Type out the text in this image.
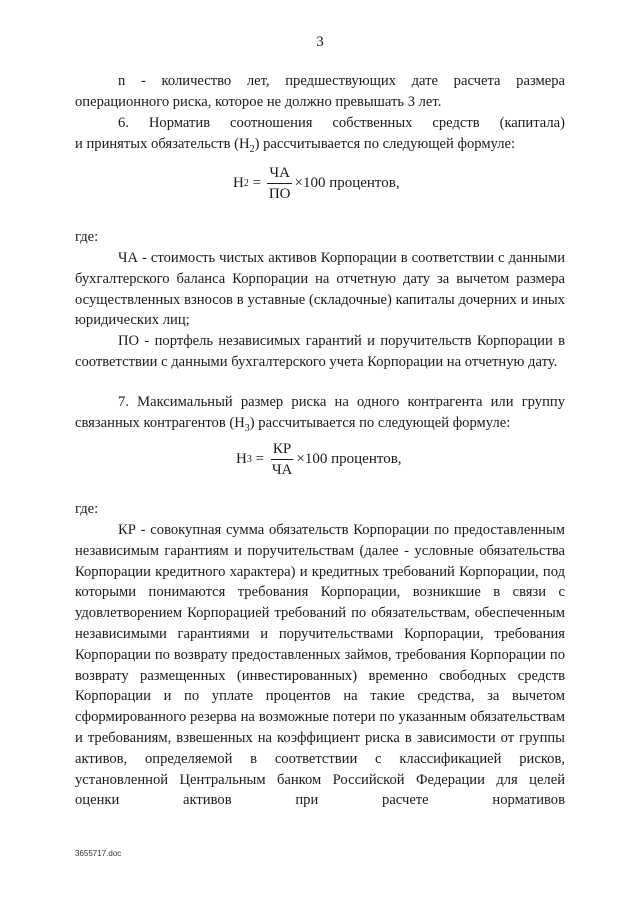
3

n - количество лет, предшествующих дате расчета размера

операционного риска, которое не должно превышать 3 лет.

6. Норматив соотношения собственных средств (капитала)

и принятых обязательств $(Н_2)$ рассчитывается по следующей формуле:

Н $2 = \frac{ЧА}{ПО} \times 100$ процентов,

где:

ЧА - стоимость чистых активов Корпорации в соответствии с данными бухгалтерского баланса Корпорации на отчетную дату за вычетом размера осуществленных взносов в уставные (складочные) капиталы дочерних и иных юридических лиц;

ПО - портфель независимых гарантий и поручительств Корпорации в соответствии с данными бухгалтерского учета Корпорации на отчетную дату.

7. Максимальный размер риска на одного контрагента или группу

связанных контрагентов $(Н_3)$ рассчитывается по следующей формуле:

Н $3 = \frac{КР}{ЧА} \times 100$ процентов,

где:

КР - совокупная сумма обязательств Корпорации по предоставленным независимым гарантиям и поручительствам (далее - условные обязательства Корпорации кредитного характера) и кредитных требований Корпорации, под которыми понимаются требования Корпорации, возникшие в связи с удовлетворением Корпорацией требований по обязательствам, обеспеченным независимыми гарантиями и поручительствами Корпорации, требования Корпорации по возврату предоставленных займов, требования Корпорации по возврату размещенных (инвестированных) временно свободных средств Корпорации и по уплате процентов на такие средства, за вычетом сформированного резерва на возможные потери по указанным обязательствам и требованиям, взвешенных на коэффициент риска в зависимости от группы активов, определяемой в соответствии с классификацией рисков, установленной Центральным банком Российской Федерации для целей оценки активов при расчете нормативов

3655717.doc
